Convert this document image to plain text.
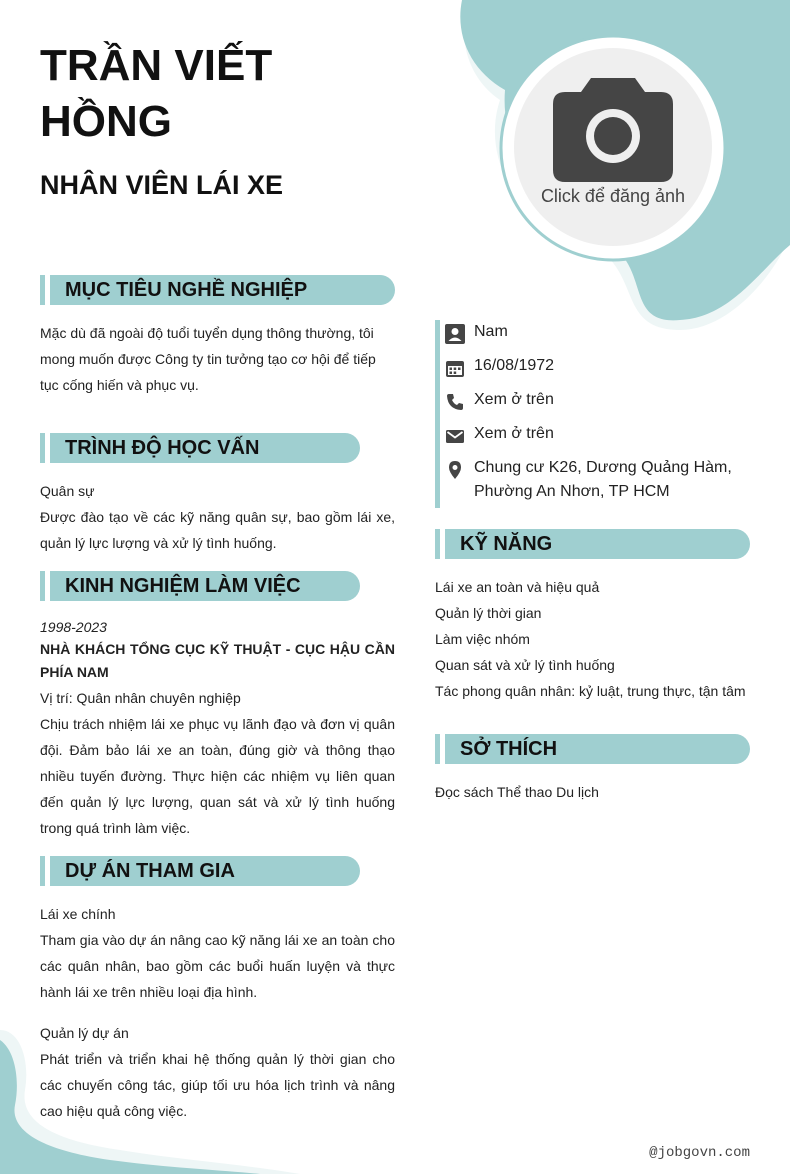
TRẦN VIẾT HỒNG
NHÂN VIÊN LÁI XE	Click để đăng ảnh
MỤC TIÊU NGHỀ NGHIỆP
Mặc dù đã ngoài độ tuổi tuyển dụng thông thường, tôi mong muốn được Công ty tin tưởng tạo cơ hội để tiếp tục cống hiến và phục vụ.
TRÌNH ĐỘ HỌC VẤN
Quân sự
Được đào tạo về các kỹ năng quân sự, bao gồm lái xe, quản lý lực lượng và xử lý tình huống.
KINH NGHIỆM LÀM VIỆC
1998-2023
NHÀ KHÁCH TỔNG CỤC KỸ THUẬT - CỤC HẬU CẦN PHÍA NAM
Vị trí: Quân nhân chuyên nghiệp
Chịu trách nhiệm lái xe phục vụ lãnh đạo và đơn vị quân đội. Đảm bảo lái xe an toàn, đúng giờ và thông thạo nhiều tuyến đường. Thực hiện các nhiệm vụ liên quan đến quản lý lực lượng, quan sát và xử lý tình huống trong quá trình làm việc.
DỰ ÁN THAM GIA
Lái xe chính
Tham gia vào dự án nâng cao kỹ năng lái xe an toàn cho các quân nhân, bao gồm các buổi huấn luyện và thực hành lái xe trên nhiều loại địa hình.
Quản lý dự án
Phát triển và triển khai hệ thống quản lý thời gian cho các chuyến công tác, giúp tối ưu hóa lịch trình và nâng cao hiệu quả công việc.
Nam
16/08/1972
Xem ở trên
Xem ở trên
Chung cư K26, Dương Quảng Hàm, Phường An Nhơn, TP HCM
KỸ NĂNG
Lái xe an toàn và hiệu quả
Quản lý thời gian
Làm việc nhóm
Quan sát và xử lý tình huống
Tác phong quân nhân: kỷ luật, trung thực, tận tâm
SỞ THÍCH
Đọc sách Thể thao Du lịch
@jobgovn.com
